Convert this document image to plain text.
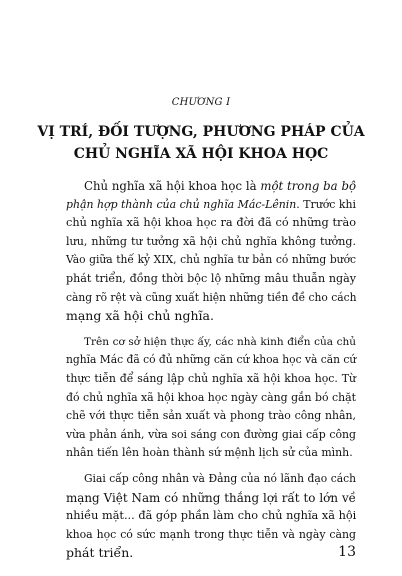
CHƯƠNG I
VỊ TRÍ, ĐỐI TƯỢNG, PHƯƠNG PHÁP CỦA
CHỦ NGHĨA XÃ HỘI KHOA HỌC
Chủ nghĩa xã hội khoa học là một trong ba bộ
phận hợp thành của chủ nghĩa Mác-Lênin. Trước khi
chủ nghĩa xã hội khoa học ra đời đã có những trào
lưu, những tư tưởng xã hội chủ nghĩa không tưởng.
Vào giữa thế kỷ XIX, chủ nghĩa tư bản có những bước
phát triển, đồng thời bộc lộ những mâu thuẫn ngày
càng rõ rệt và cũng xuất hiện những tiền đề cho cách
mạng xã hội chủ nghĩa.
Trên cơ sở hiện thực ấy, các nhà kinh điển của chủ
nghĩa Mác đã có đủ những căn cứ khoa học và căn cứ
thực tiễn để sáng lập chủ nghĩa xã hội khoa học. Từ
đó chủ nghĩa xã hội khoa học ngày càng gắn bó chặt
chẽ với thực tiễn sản xuất và phong trào công nhân,
vừa phản ánh, vừa soi sáng con đường giai cấp công
nhân tiến lên hoàn thành sứ mệnh lịch sử của mình.
Giai cấp công nhân và Đảng của nó lãnh đạo cách
mạng Việt Nam có những thắng lợi rất to lớn về
nhiều mặt... đã góp phần làm cho chủ nghĩa xã hội
khoa học có sức mạnh trong thực tiễn và ngày càng
phát triển.	13
